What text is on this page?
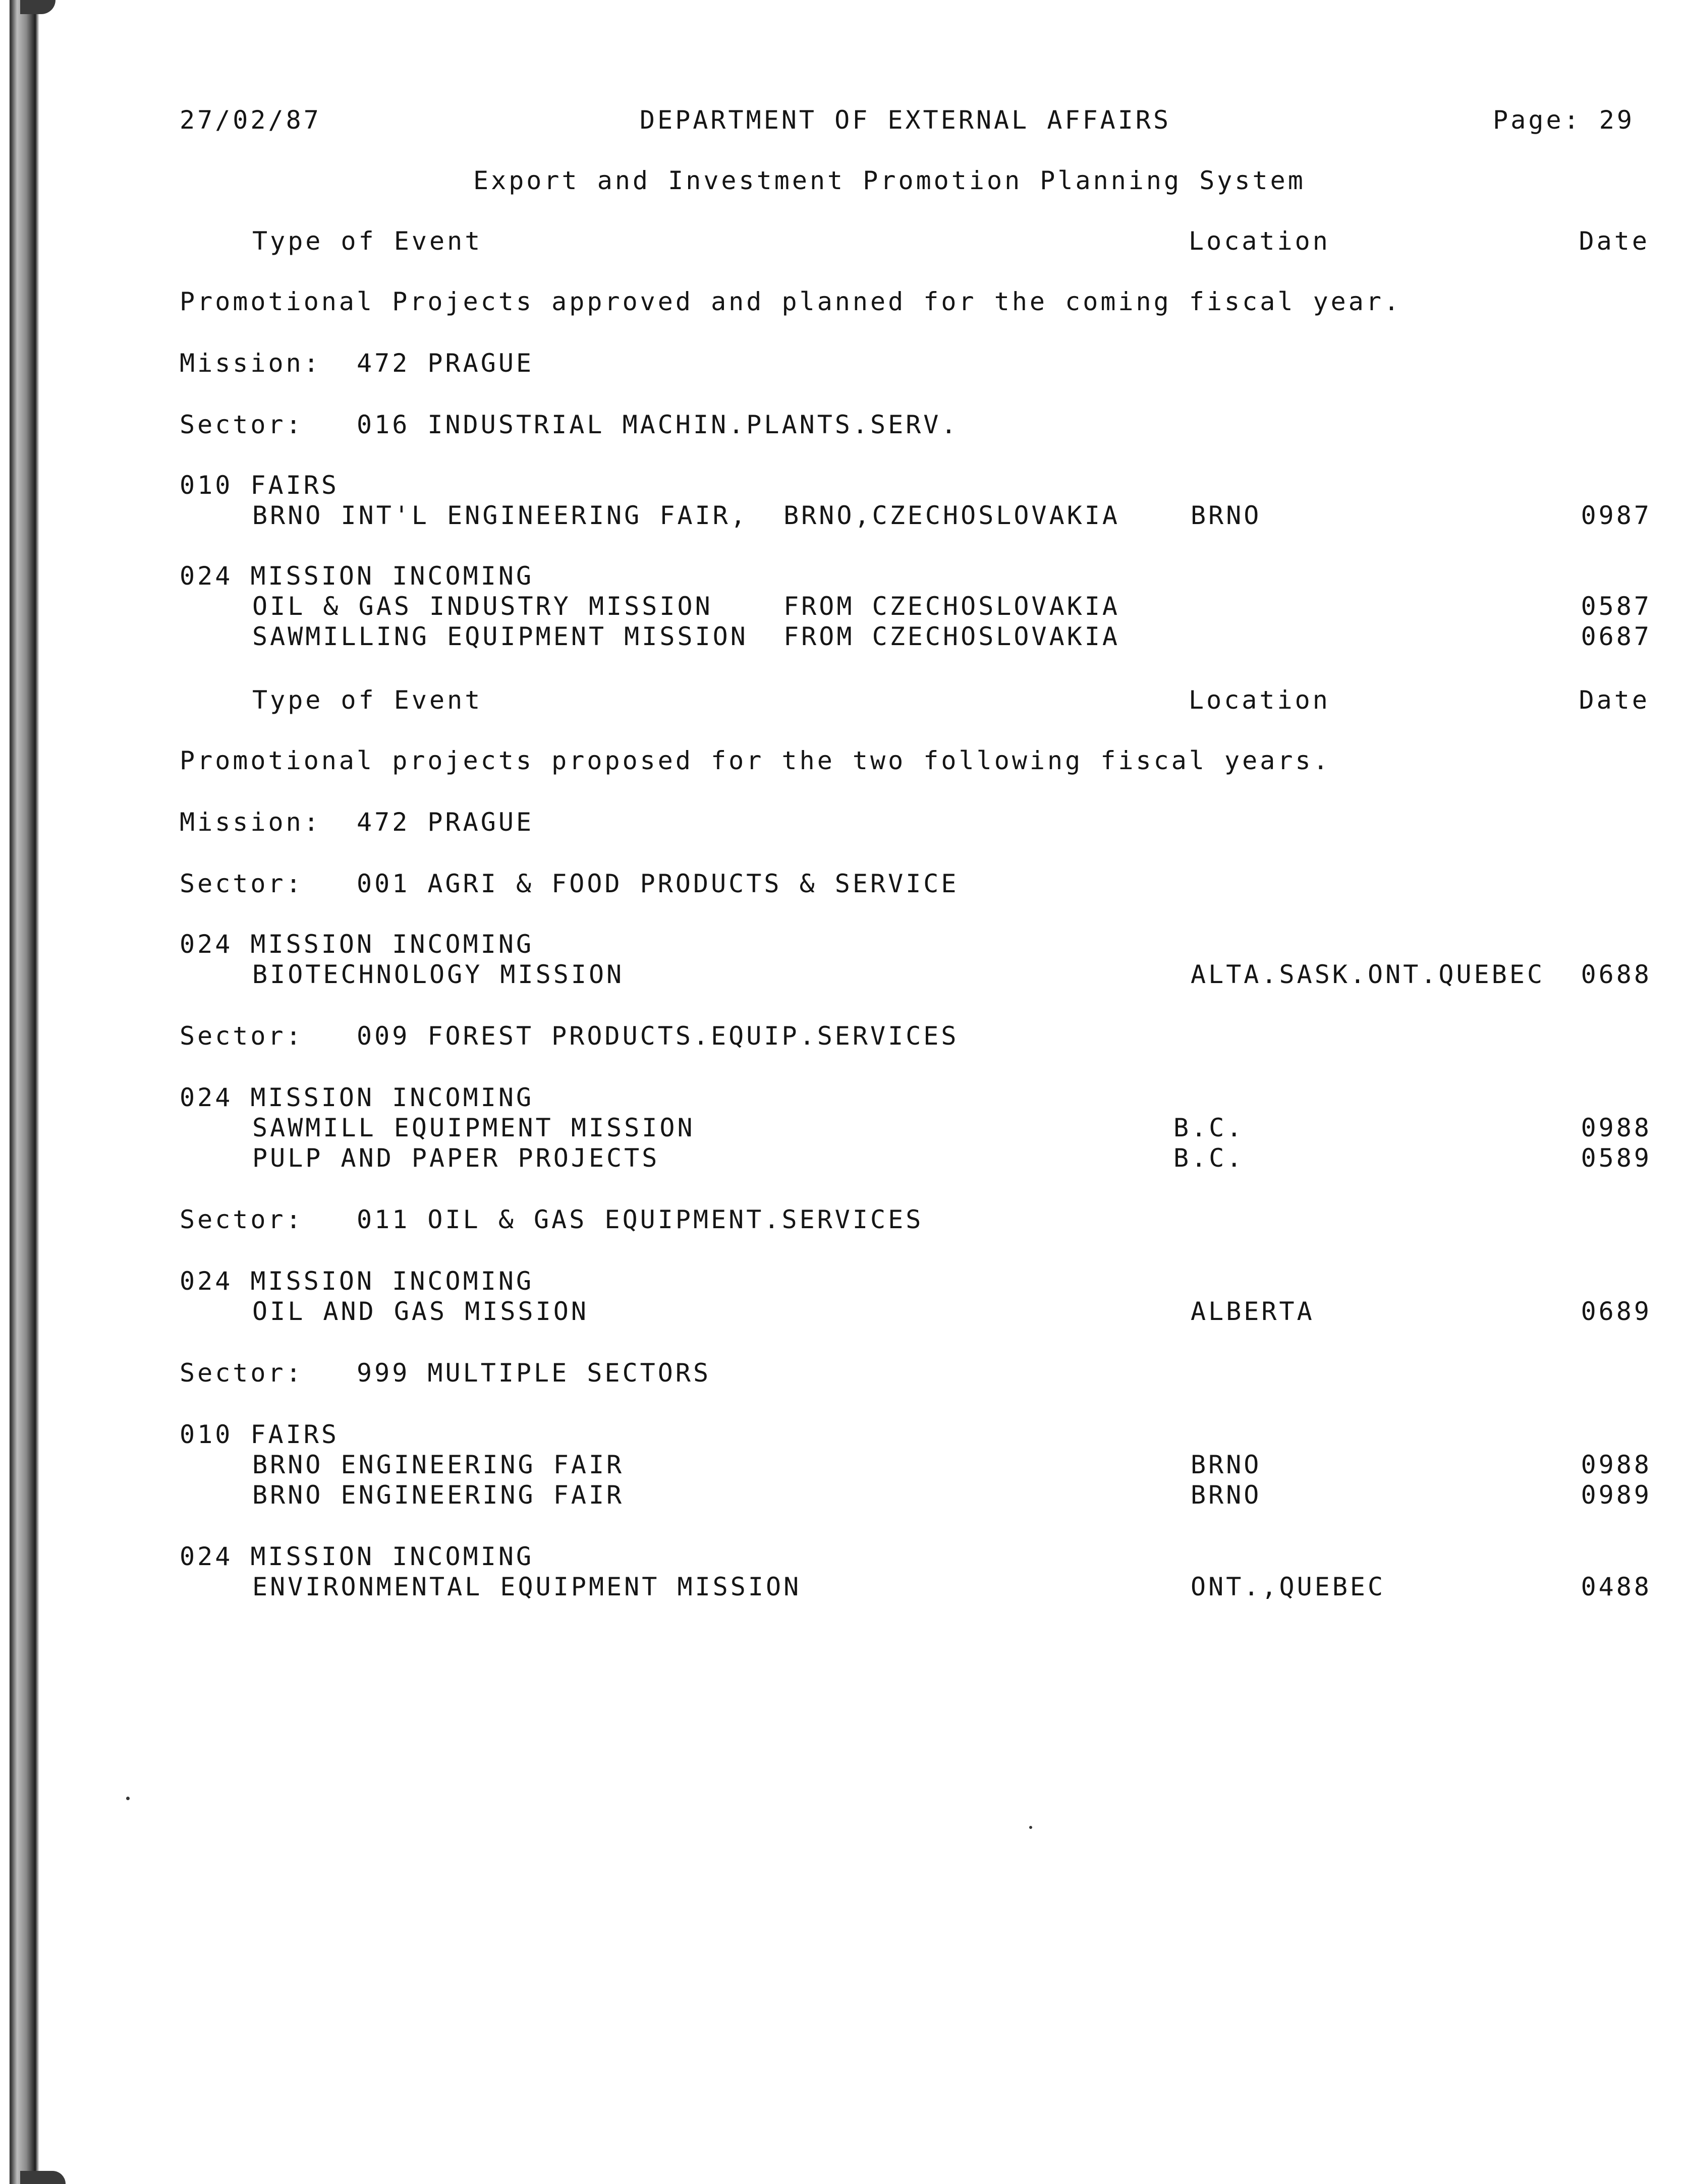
27/02/87	DEPARTMENT OF EXTERNAL AFFAIRS	Page: 29

Export and Investment Promotion Planning System

Type of Event	Location	Date

Promotional Projects approved and planned for the coming fiscal year.

Mission:  472 PRAGUE

Sector:   016 INDUSTRIAL MACHIN.PLANTS.SERV.

010 FAIRS

BRNO INT'L ENGINEERING FAIR,  BRNO,CZECHOSLOVAKIA	BRNO	0987

024 MISSION INCOMING

OIL & GAS INDUSTRY MISSION    FROM CZECHOSLOVAKIA	0587

SAWMILLING EQUIPMENT MISSION  FROM CZECHOSLOVAKIA	0687

Type of Event	Location	Date

Promotional projects proposed for the two following fiscal years.

Mission:  472 PRAGUE

Sector:   001 AGRI & FOOD PRODUCTS & SERVICE

024 MISSION INCOMING

BIOTECHNOLOGY MISSION	ALTA.SASK.ONT.QUEBEC 0688

Sector:   009 FOREST PRODUCTS.EQUIP.SERVICES

024 MISSION INCOMING

SAWMILL EQUIPMENT MISSION	B.C.	0988

PULP AND PAPER PROJECTS	B.C.	0589

Sector:   011 OIL & GAS EQUIPMENT.SERVICES

024 MISSION INCOMING

OIL AND GAS MISSION	ALBERTA	0689

Sector:   999 MULTIPLE SECTORS

010 FAIRS

BRNO ENGINEERING FAIR	BRNO	0988

BRNO ENGINEERING FAIR	BRNO	0989

024 MISSION INCOMING

ENVIRONMENTAL EQUIPMENT MISSION	ONT.,QUEBEC	0488
